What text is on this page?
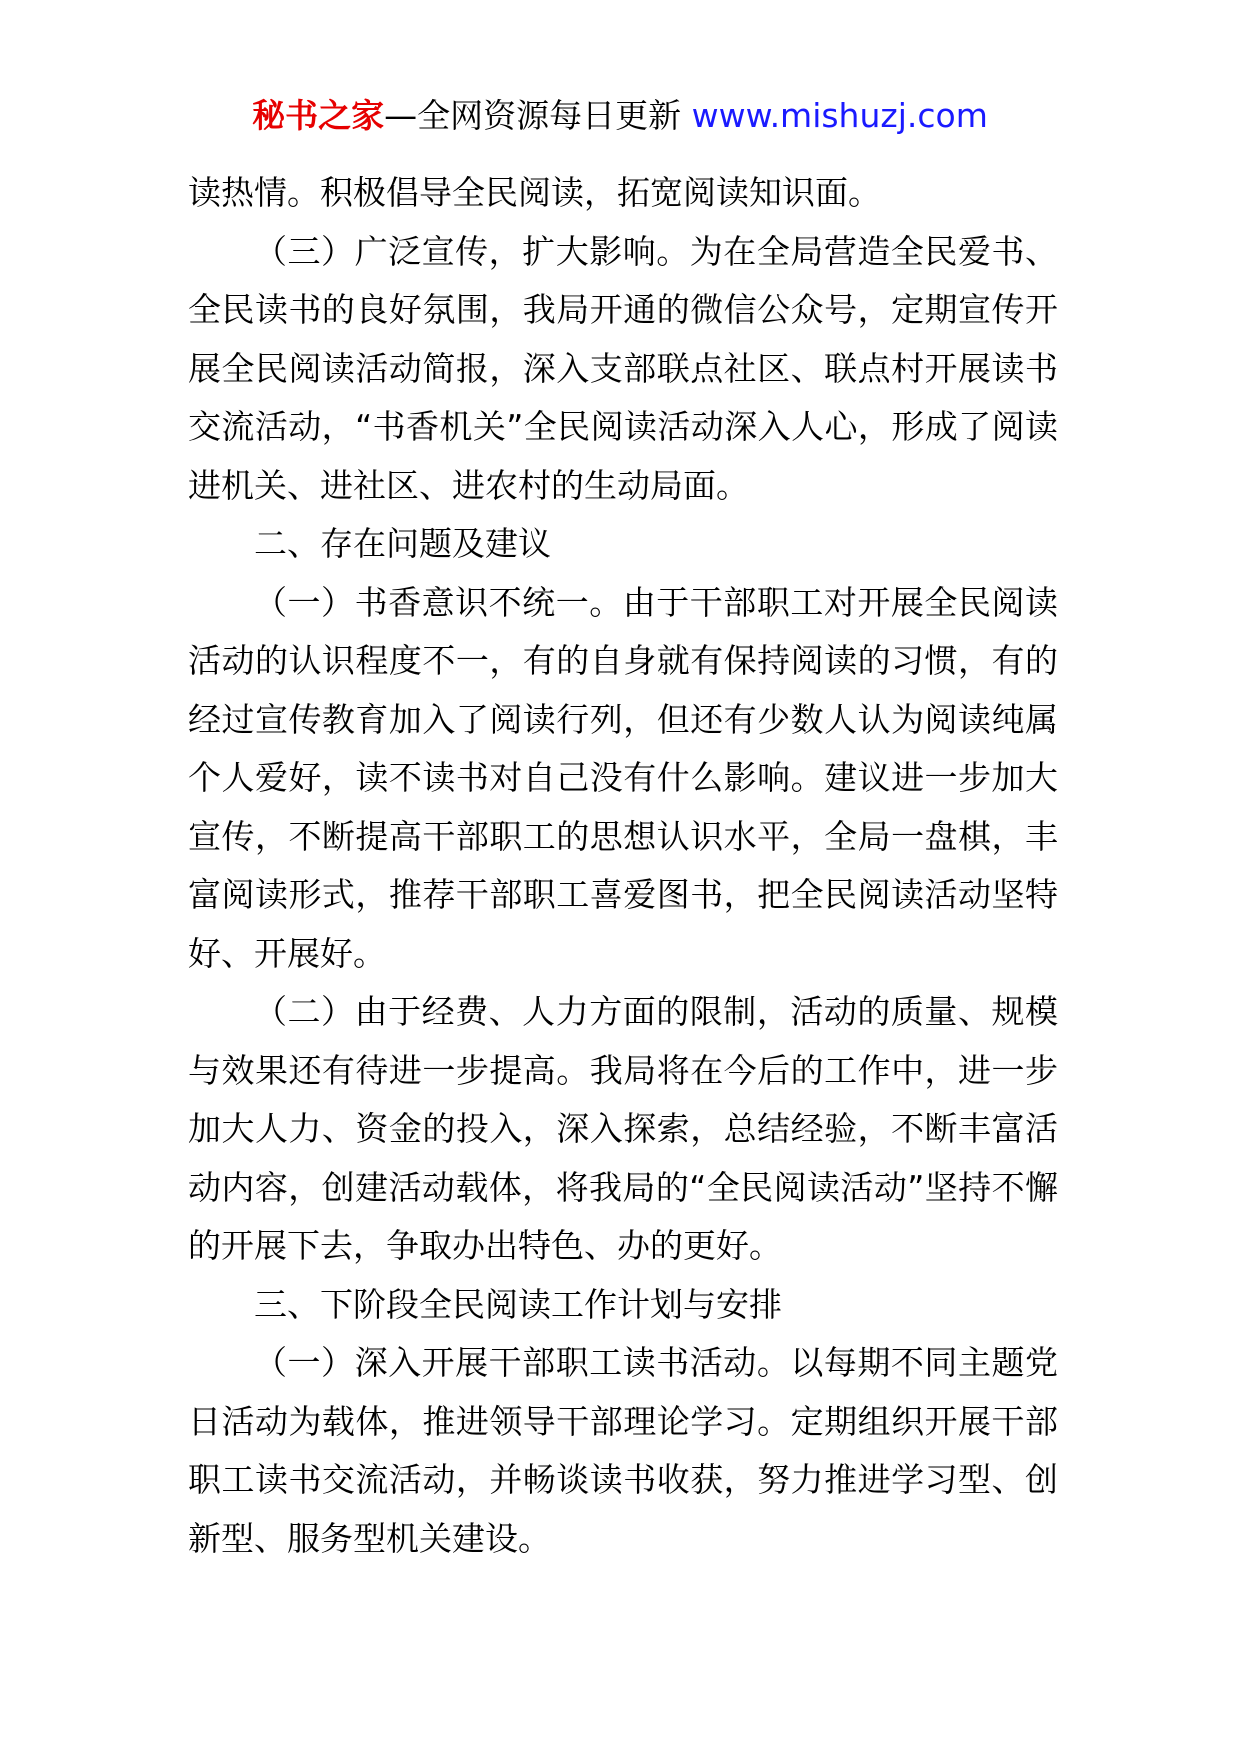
秘书之家—全网资源每日更新 www.mishuzj.com

读热情。积极倡导全民阅读，拓宽阅读知识面。

（三）广泛宣传，扩大影响。为在全局营造全民爱书、全民读书的良好氛围，我局开通的微信公众号，定期宣传开展全民阅读活动简报，深入支部联点社区、联点村开展读书交流活动，“书香机关”全民阅读活动深入人心，形成了阅读进机关、进社区、进农村的生动局面。

二、存在问题及建议

（一）书香意识不统一。由于干部职工对开展全民阅读活动的认识程度不一，有的自身就有保持阅读的习惯，有的经过宣传教育加入了阅读行列，但还有少数人认为阅读纯属个人爱好，读不读书对自己没有什么影响。建议进一步加大宣传，不断提高干部职工的思想认识水平，全局一盘棋，丰富阅读形式，推荐干部职工喜爱图书，把全民阅读活动坚特好、开展好。

（二）由于经费、人力方面的限制，活动的质量、规模与效果还有待进一步提高。我局将在今后的工作中，进一步加大人力、资金的投入，深入探索，总结经验，不断丰富活动内容，创建活动载体，将我局的“全民阅读活动”坚持不懈的开展下去，争取办出特色、办的更好。

三、下阶段全民阅读工作计划与安排

（一）深入开展干部职工读书活动。以每期不同主题党日活动为载体，推进领导干部理论学习。定期组织开展干部职工读书交流活动，并畅谈读书收获，努力推进学习型、创新型、服务型机关建设。
